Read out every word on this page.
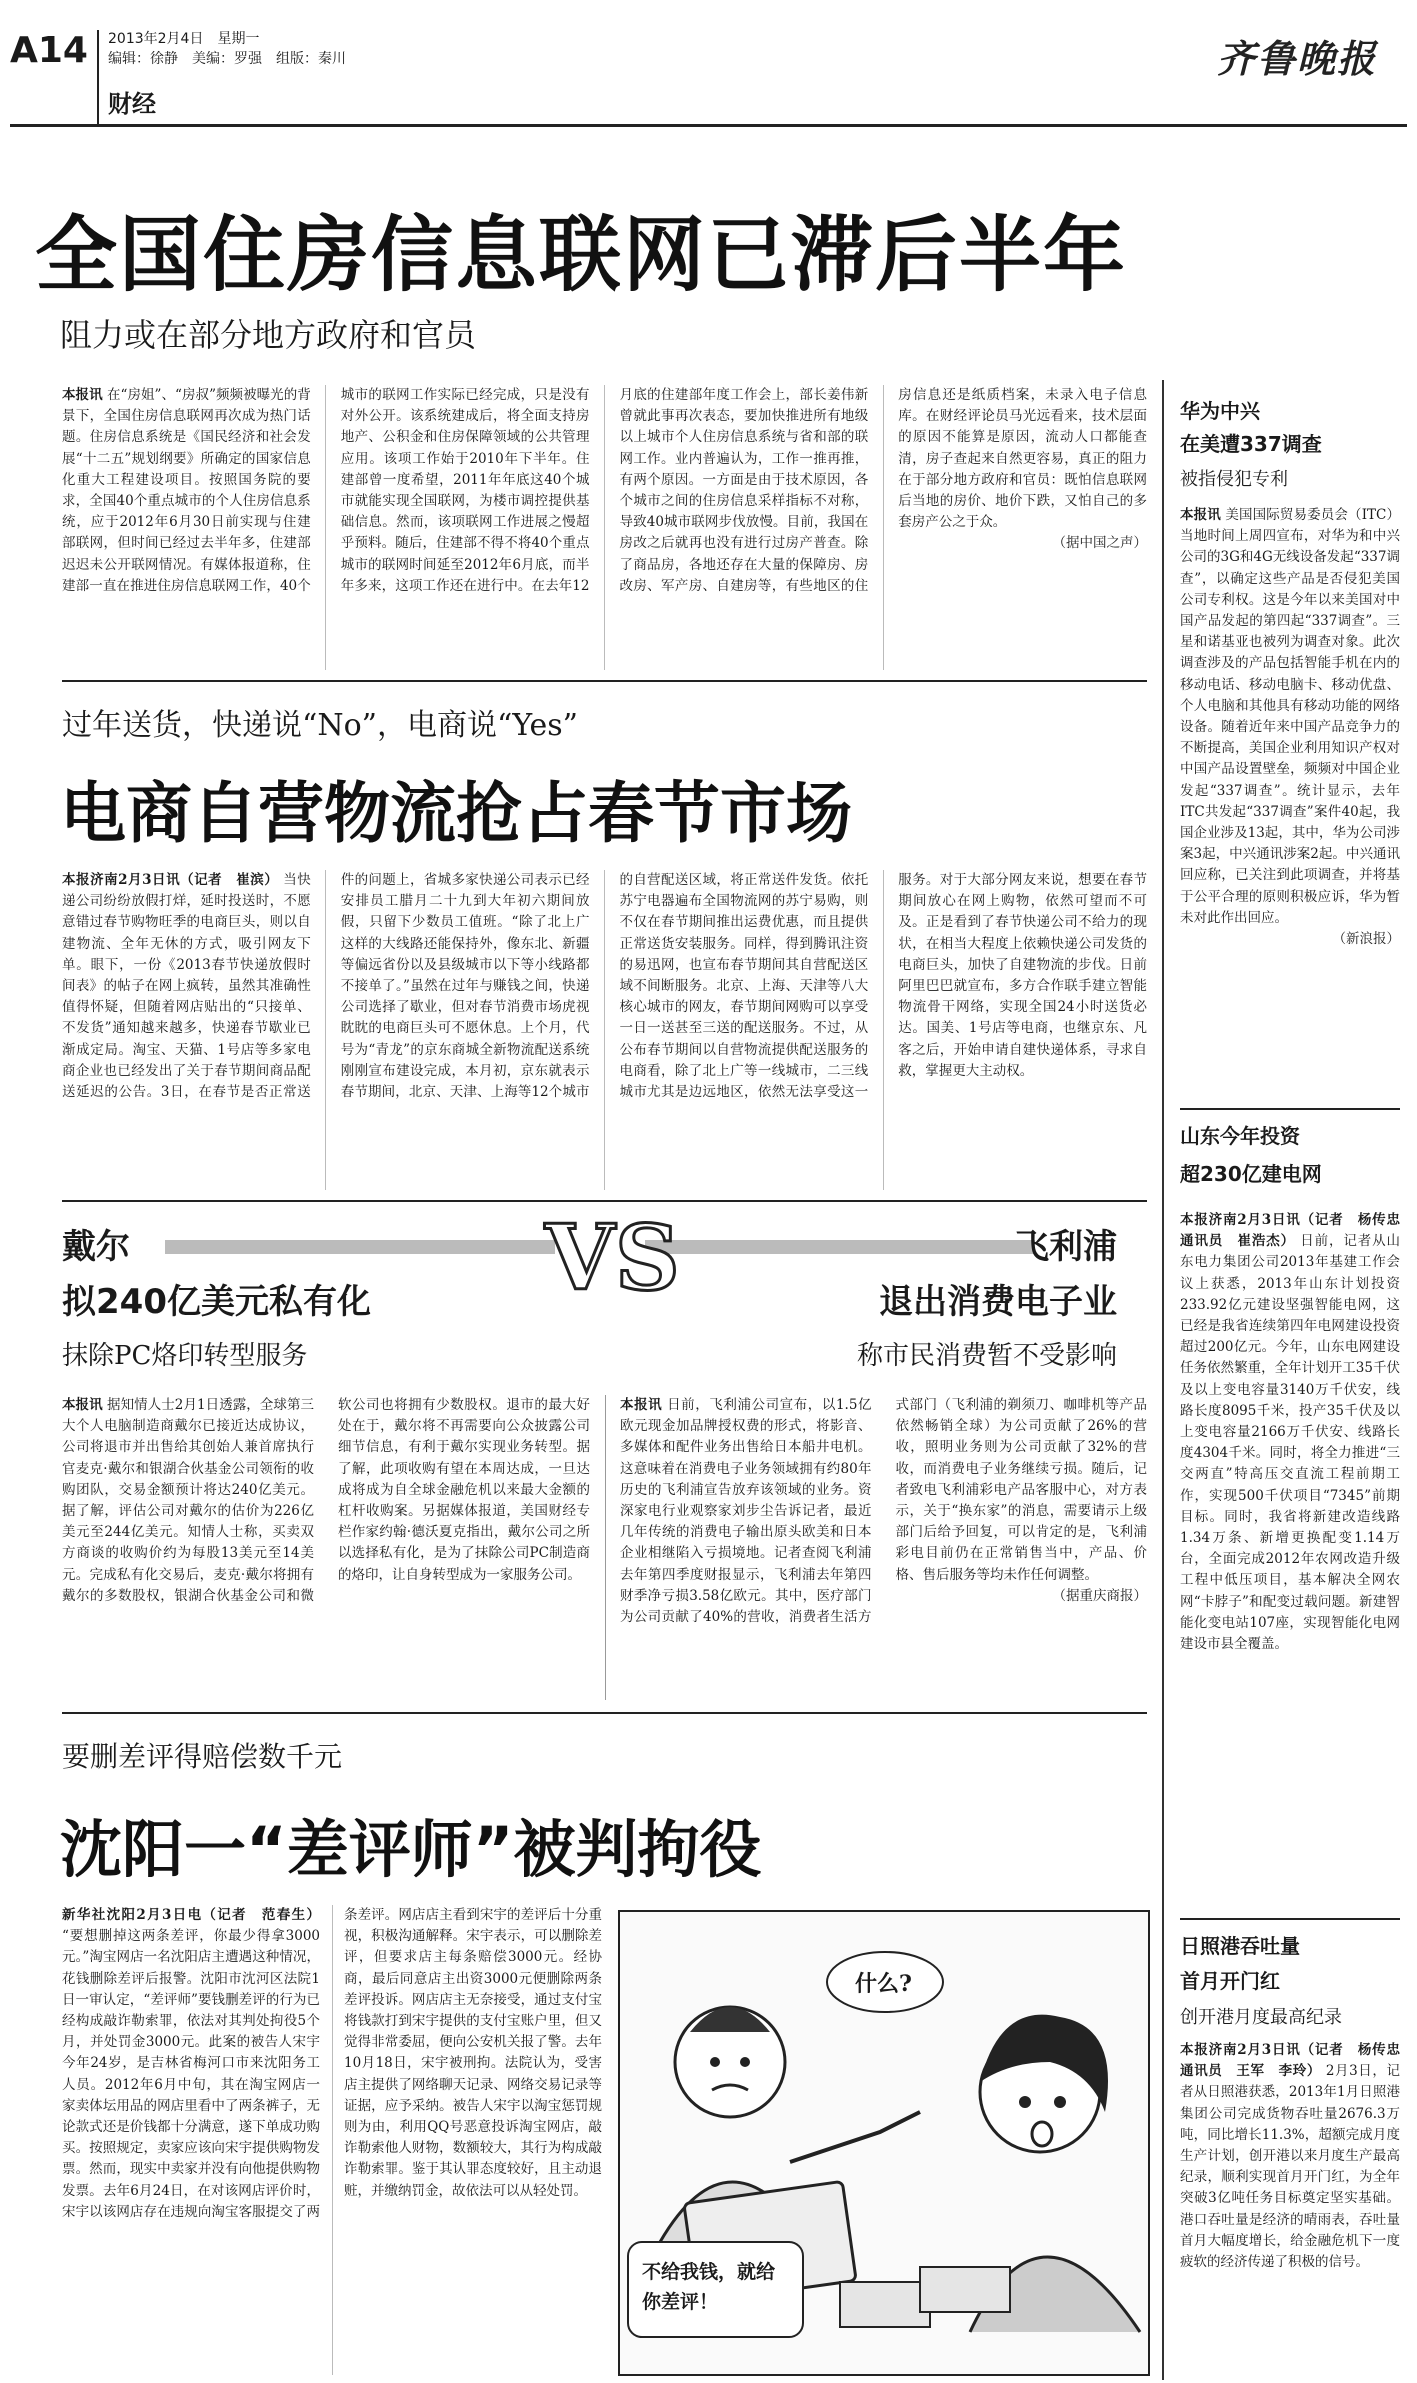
A14 2013年2月4日　星期一
编辑：徐静　美编：罗强　组版：秦川
财经
齐鲁晚报
全国住房信息联网已滞后半年
阻力或在部分地方政府和官员
本报讯 在“房姐”、“房叔”频频被曝光的背景下，全国住房信息联网再次成为热门话题。住房信息系统是《国民经济和社会发展“十二五”规划纲要》所确定的国家信息化重大工程建设项目。按照国务院的要求，全国40个重点城市的个人住房信息系统，应于2012年6月30日前实现与住建部联网，但时间已经过去半年多，住建部迟迟未公开联网情况。有媒体报道称，住建部一直在推进住房信息联网工作，40个城市的联网工作实际已经完成，只是没有对外公开。该系统建成后，将全面支持房地产、公积金和住房保障领域的公共管理应用。该项工作始于2010年下半年。住建部曾一度希望，2011年年底这40个城市就能实现全国联网，为楼市调控提供基础信息。然而，该项联网工作进展之慢超乎预料。随后，住建部不得不将40个重点城市的联网时间延至2012年6月底，而半年多来，这项工作还在进行中。在去年12月底的住建部年度工作会上，部长姜伟新曾就此事再次表态，要加快推进所有地级以上城市个人住房信息系统与省和部的联网工作。业内普遍认为，工作一推再推，有两个原因。一方面是由于技术原因，各个城市之间的住房信息采样指标不对称，导致40城市联网步伐放慢。目前，我国在房改之后就再也没有进行过房产普查。除了商品房，各地还存在大量的保障房、房改房、军产房、自建房等，有些地区的住房信息还是纸质档案，未录入电子信息库。在财经评论员马光远看来，技术层面的原因不能算是原因，流动人口都能查清，房子查起来自然更容易，真正的阻力在于部分地方政府和官员：既怕信息联网后当地的房价、地价下跌，又怕自己的多套房产公之于众。
（据中国之声）
过年送货，快递说“No”，电商说“Yes”
电商自营物流抢占春节市场
本报济南2月3日讯（记者　崔滨） 当快递公司纷纷放假打烊，延时投送时，不愿意错过春节购物旺季的电商巨头，则以自建物流、全年无休的方式，吸引网友下单。眼下，一份《2013春节快递放假时间表》的帖子在网上疯转，虽然其准确性值得怀疑，但随着网店贴出的“只接单、不发货”通知越来越多，快递春节歇业已渐成定局。淘宝、天猫、1号店等多家电商企业也已经发出了关于春节期间商品配送延迟的公告。3日，在春节是否正常送件的问题上，省城多家快递公司表示已经安排员工腊月二十九到大年初六期间放假，只留下少数员工值班。“除了北上广这样的大线路还能保持外，像东北、新疆等偏远省份以及县级城市以下等小线路都不接单了。”虽然在过年与赚钱之间，快递公司选择了歇业，但对春节消费市场虎视眈眈的电商巨头可不愿休息。上个月，代号为“青龙”的京东商城全新物流配送系统刚刚宣布建设完成，本月初，京东就表示春节期间，北京、天津、上海等12个城市的自营配送区域，将正常送件发货。依托苏宁电器遍布全国物流网的苏宁易购，则不仅在春节期间推出运费优惠，而且提供正常送货安装服务。同样，得到腾讯注资的易迅网，也宣布春节期间其自营配送区域不间断服务。北京、上海、天津等八大核心城市的网友，春节期间网购可以享受一日一送甚至三送的配送服务。不过，从公布春节期间以自营物流提供配送服务的电商看，除了北上广等一线城市，二三线城市尤其是边远地区，依然无法享受这一服务。对于大部分网友来说，想要在春节期间放心在网上购物，依然可望而不可及。正是看到了春节快递公司不给力的现状，在相当大程度上依赖快递公司发货的电商巨头，加快了自建物流的步伐。日前阿里巴巴就宣布，多方合作联手建立智能物流骨干网络，实现全国24小时送货必达。国美、1号店等电商，也继京东、凡客之后，开始申请自建快递体系，寻求自救，掌握更大主动权。
VS
戴尔
拟240亿美元私有化
抹除PC烙印转型服务
飞利浦
退出消费电子业
称市民消费暂不受影响
本报讯 据知情人士2月1日透露，全球第三大个人电脑制造商戴尔已接近达成协议，公司将退市并出售给其创始人兼首席执行官麦克·戴尔和银湖合伙基金公司领衔的收购团队，交易金额预计将达240亿美元。据了解，评估公司对戴尔的估价为226亿美元至244亿美元。知情人士称，买卖双方商谈的收购价约为每股13美元至14美元。完成私有化交易后，麦克·戴尔将拥有戴尔的多数股权，银湖合伙基金公司和微软公司也将拥有少数股权。退市的最大好处在于，戴尔将不再需要向公众披露公司细节信息，有利于戴尔实现业务转型。据了解，此项收购有望在本周达成，一旦达成将成为自全球金融危机以来最大金额的杠杆收购案。另据媒体报道，美国财经专栏作家约翰·德沃夏克指出，戴尔公司之所以选择私有化，是为了抹除公司PC制造商的烙印，让自身转型成为一家服务公司。
本报讯 日前，飞利浦公司宣布，以1.5亿欧元现金加品牌授权费的形式，将影音、多媒体和配件业务出售给日本船井电机。这意味着在消费电子业务领域拥有约80年历史的飞利浦宣告放弃该领域的业务。资深家电行业观察家刘步尘告诉记者，最近几年传统的消费电子输出原头欧美和日本企业相继陷入亏损境地。记者查阅飞利浦去年第四季度财报显示，飞利浦去年第四财季净亏损3.58亿欧元。其中，医疗部门为公司贡献了40%的营收，消费者生活方式部门（飞利浦的剃须刀、咖啡机等产品依然畅销全球）为公司贡献了26%的营收，照明业务则为公司贡献了32%的营收，而消费电子业务继续亏损。随后，记者致电飞利浦彩电产品客服中心，对方表示，关于“换东家”的消息，需要请示上级部门后给予回复，可以肯定的是，飞利浦彩电目前仍在正常销售当中，产品、价格、售后服务等均未作任何调整。
（据重庆商报）
要删差评得赔偿数千元
沈阳一“差评师”被判拘役
新华社沈阳2月3日电（记者　范春生） “要想删掉这两条差评，你最少得拿3000元。”淘宝网店一名沈阳店主遭遇这种情况，花钱删除差评后报警。沈阳市沈河区法院1日一审认定，“差评师”要钱删差评的行为已经构成敲诈勒索罪，依法对其判处拘役5个月，并处罚金3000元。此案的被告人宋宇今年24岁，是吉林省梅河口市来沈阳务工人员。2012年6月中旬，其在淘宝网店一家卖体坛用品的网店里看中了两条裤子，无论款式还是价钱都十分满意，遂下单成功购买。按照规定，卖家应该向宋宇提供购物发票。然而，现实中卖家并没有向他提供购物发票。去年6月24日，在对该网店评价时，宋宇以该网店存在违规向淘宝客服提交了两条差评。网店店主看到宋宇的差评后十分重视，积极沟通解释。宋宇表示，可以删除差评，但要求店主每条赔偿3000元。经协商，最后同意店主出资3000元便删除两条差评投诉。网店店主无奈接受，通过支付宝将钱款打到宋宇提供的支付宝账户里，但又觉得非常委屈，便向公安机关报了警。去年10月18日，宋宇被刑拘。法院认为，受害店主提供了网络聊天记录、网络交易记录等证据，应予采纳。被告人宋宇以淘宝惩罚规则为由，利用QQ号恶意投诉淘宝网店，敲诈勒索他人财物，数额较大，其行为构成敲诈勒索罪。鉴于其认罪态度较好，且主动退赃，并缴纳罚金，故依法可以从轻处罚。
什么?
不给我钱，就给你差评！
华为中兴
在美遭337调查
被指侵犯专利
本报讯 美国国际贸易委员会（ITC）当地时间上周四宣布，对华为和中兴公司的3G和4G无线设备发起“337调查”，以确定这些产品是否侵犯美国公司专利权。这是今年以来美国对中国产品发起的第四起“337调查”。三星和诺基亚也被列为调查对象。此次调查涉及的产品包括智能手机在内的移动电话、移动电脑卡、移动优盘、个人电脑和其他具有移动功能的网络设备。随着近年来中国产品竞争力的不断提高，美国企业利用知识产权对中国产品设置壁垒，频频对中国企业发起“337调查”。统计显示，去年ITC共发起“337调查”案件40起，我国企业涉及13起，其中，华为公司涉案3起，中兴通讯涉案2起。中兴通讯回应称，已关注到此项调查，并将基于公平合理的原则积极应诉，华为暂未对此作出回应。
（新浪报）
山东今年投资
超230亿建电网
本报济南2月3日讯（记者　杨传忠　通讯员　崔浩杰） 日前，记者从山东电力集团公司2013年基建工作会议上获悉，2013年山东计划投资233.92亿元建设坚强智能电网，这已经是我省连续第四年电网建设投资超过200亿元。今年，山东电网建设任务依然繁重，全年计划开工35千伏及以上变电容量3140万千伏安，线路长度8095千米，投产35千伏及以上变电容量2166万千伏安、线路长度4304千米。同时，将全力推进“三交两直”特高压交直流工程前期工作，实现500千伏项目“7345”前期目标。同时，我省将新建改造线路1.34万条、新增更换配变1.14万台，全面完成2012年农网改造升级工程中低压项目，基本解决全网农网“卡脖子”和配变过载问题。新建智能化变电站107座，实现智能化电网建设市县全覆盖。
日照港吞吐量
首月开门红
创开港月度最高纪录
本报济南2月3日讯（记者　杨传忠　通讯员　王军　李玲） 2月3日，记者从日照港获悉，2013年1月日照港集团公司完成货物吞吐量2676.3万吨，同比增长11.3%，超额完成月度生产计划，创开港以来月度生产最高纪录，顺利实现首月开门红，为全年突破3亿吨任务目标奠定坚实基础。港口吞吐量是经济的晴雨表，吞吐量首月大幅度增长，给金融危机下一度疲软的经济传递了积极的信号。
